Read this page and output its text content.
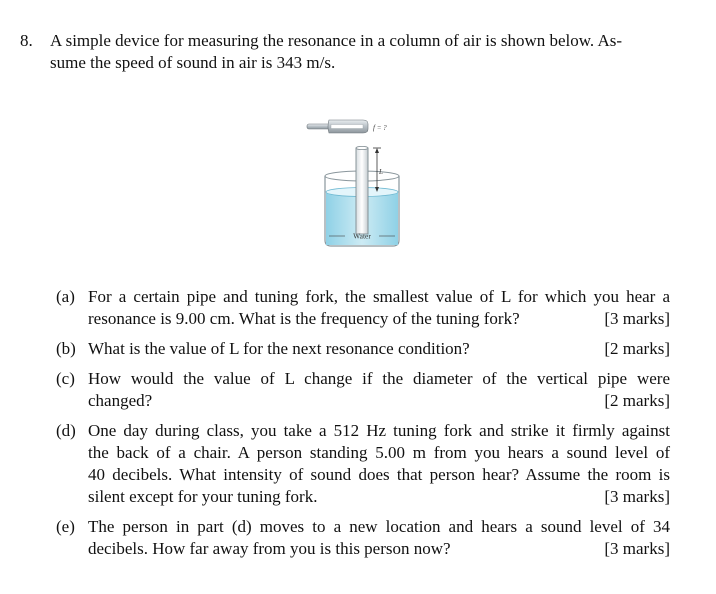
8. A simple device for measuring the resonance in a column of air is shown below. As-
sume the speed of sound in air is 343 m/s.
f = ?
L
Water
(a) For a certain pipe and tuning fork, the smallest value of L for which you hear a
resonance is 9.00 cm. What is the frequency of the tuning fork?	[3 marks]
(b) What is the value of L for the next resonance condition?	[2 marks]
(c) How would the value of L change if the diameter of the vertical pipe were
changed?	[2 marks]
(d) One day during class, you take a 512 Hz tuning fork and strike it firmly against
the back of a chair. A person standing 5.00 m from you hears a sound level of
40 decibels. What intensity of sound does that person hear? Assume the room is
silent except for your tuning fork.	[3 marks]
(e) The person in part (d) moves to a new location and hears a sound level of 34
decibels. How far away from you is this person now?	[3 marks]
